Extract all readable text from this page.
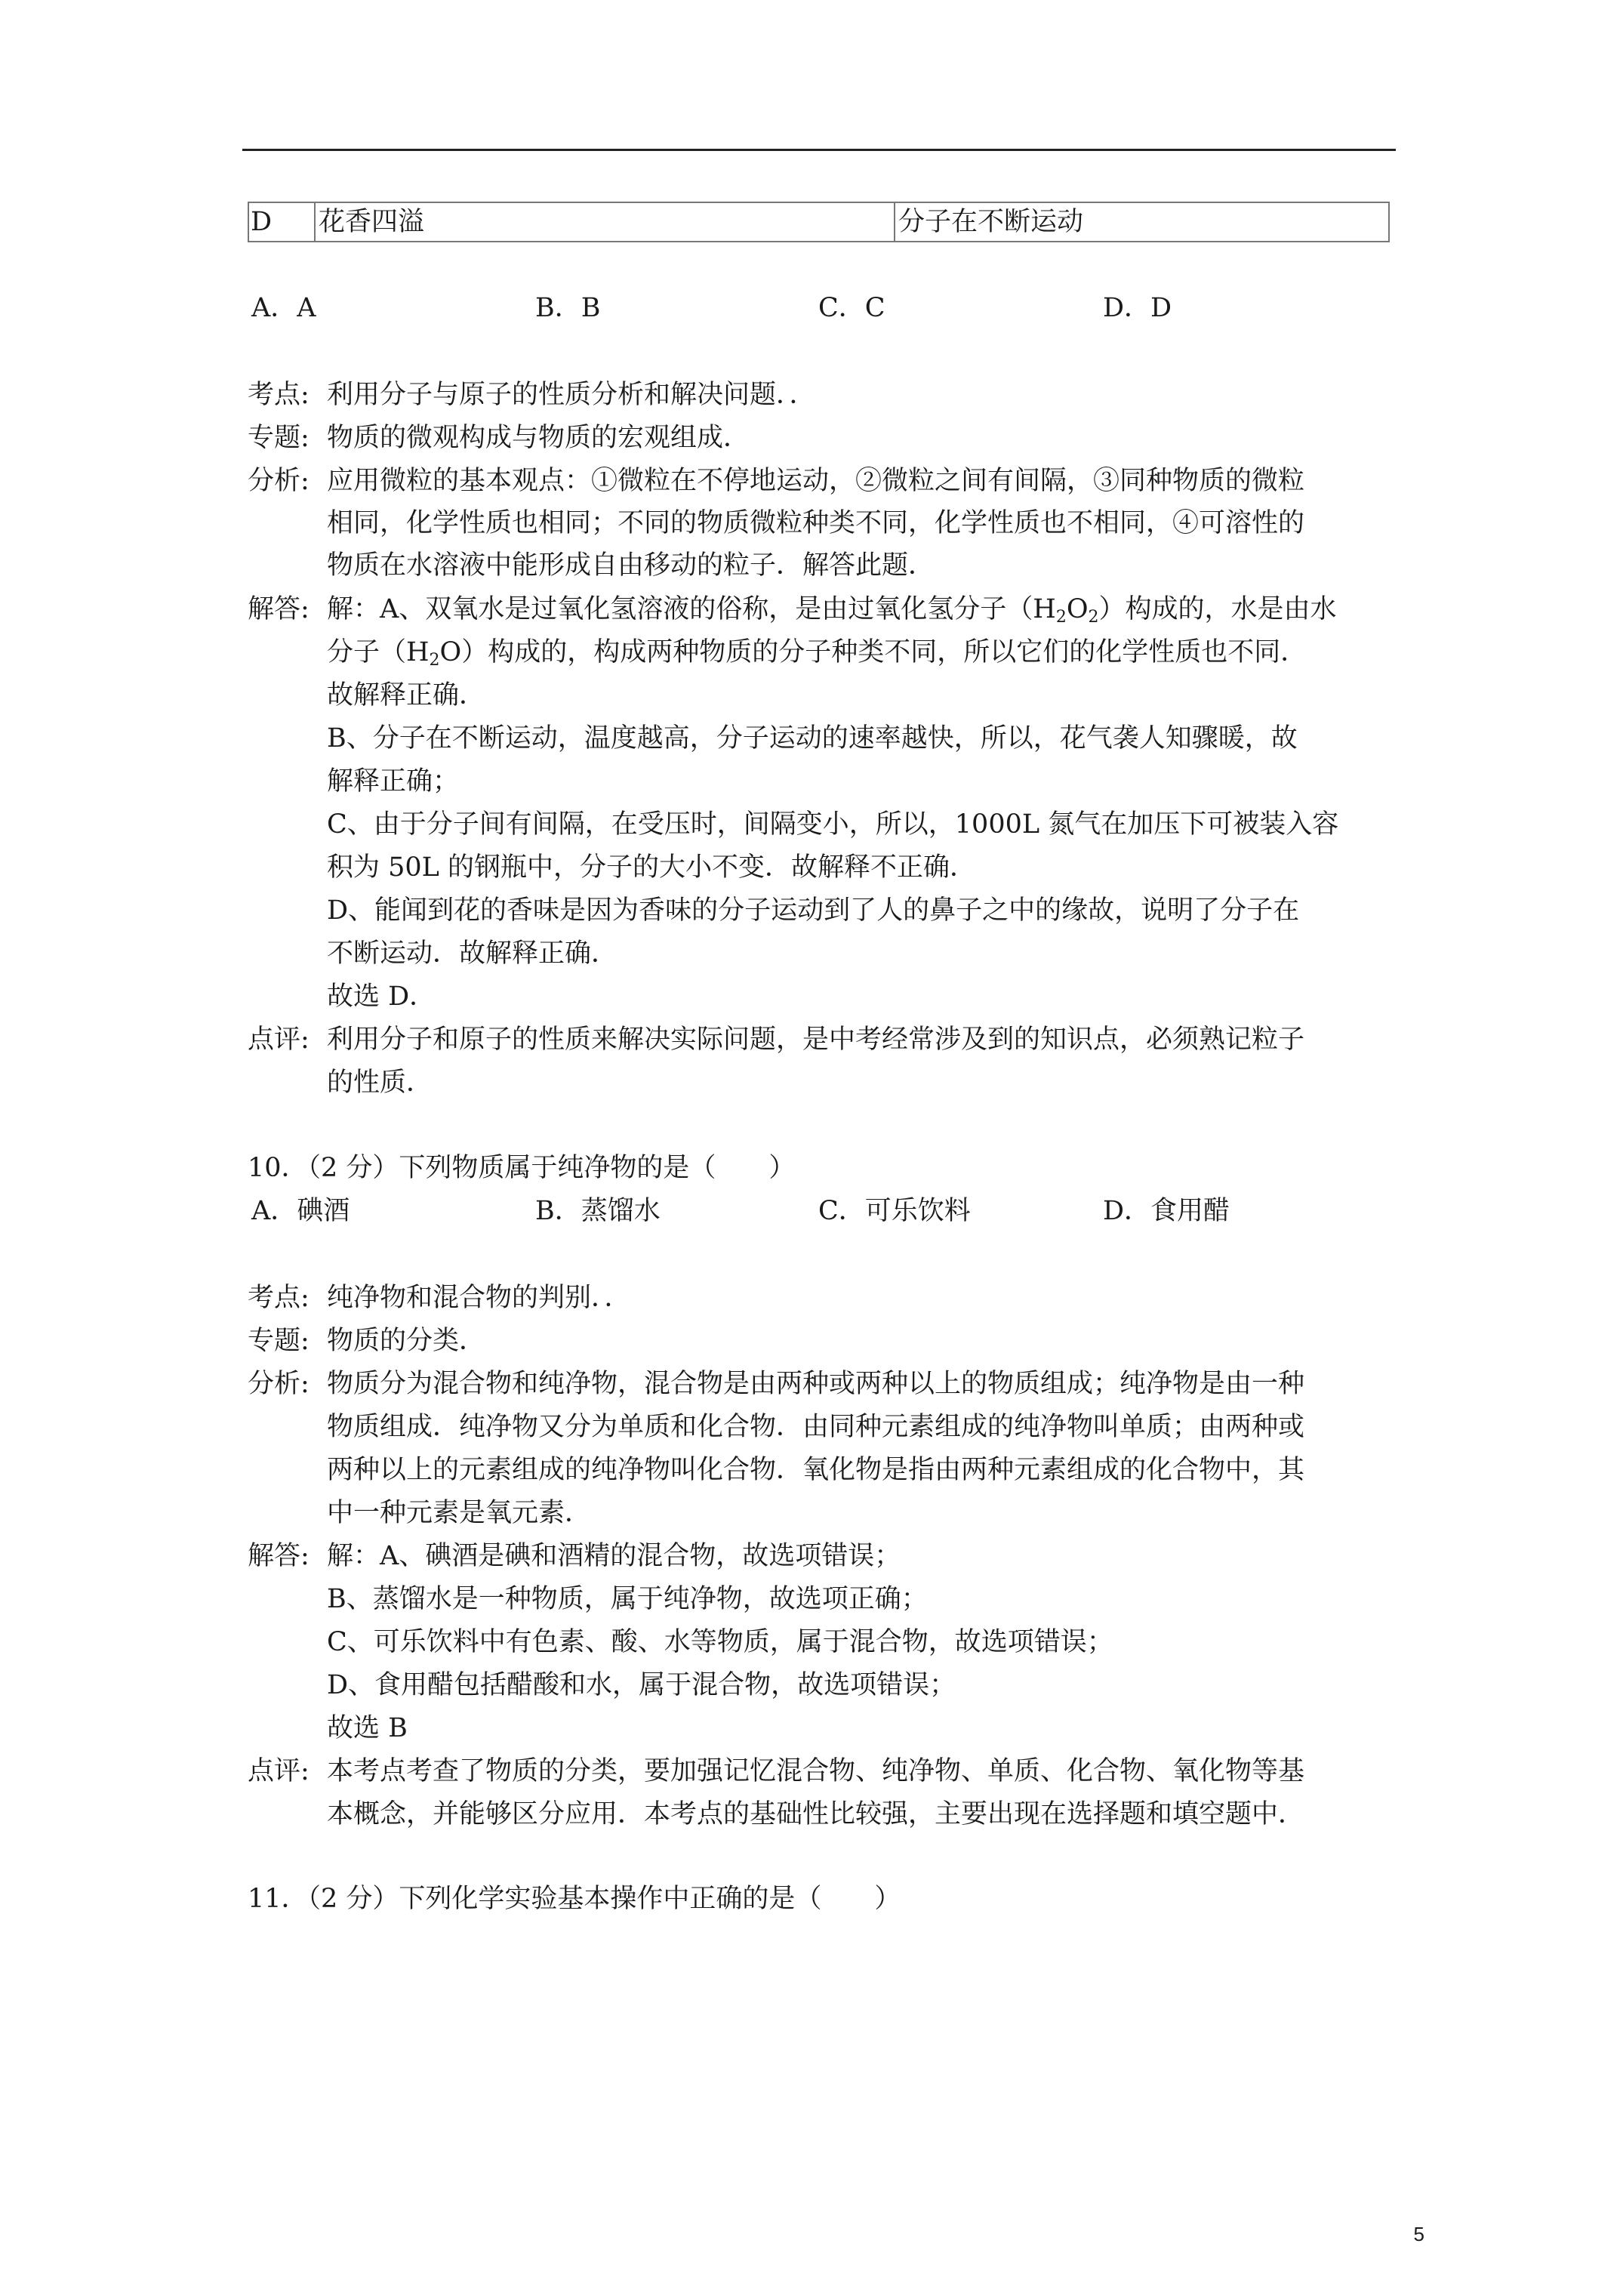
D	花香四溢	分子在不断运动
A．A	B．B	C．C	D．D
考点: 利用分子与原子的性质分析和解决问题．．
专题: 物质的微观构成与物质的宏观组成．
分析: 应用微粒的基本观点：①微粒在不停地运动，②微粒之间有间隔，③同种物质的微粒
相同，化学性质也相同；不同的物质微粒种类不同，化学性质也不相同，④可溶性的
物质在水溶液中能形成自由移动的粒子．解答此题．
解答: 解：A、双氧水是过氧化氢溶液的俗称，是由过氧化氢分子$(H_2O_2)$构成的，水是由水
分子$(H_2O)$构成的，构成两种物质的分子种类不同，所以它们的化学性质也不同．
故解释正确．
B、分子在不断运动，温度越高，分子运动的速率越快，所以，花气袭人知骤暖，故
解释正确；
C、由于分子间有间隔，在受压时，间隔变小，所以，1000L 氮气在加压下可被装入容
积为 50L 的钢瓶中，分子的大小不变．故解释不正确．
D、能闻到花的香味是因为香味的分子运动到了人的鼻子之中的缘故，说明了分子在
不断运动．故解释正确．
故选 D．
点评: 利用分子和原子的性质来解决实际问题，是中考经常涉及到的知识点，必须熟记粒子
的性质．
10．（2 分）下列物质属于纯净物的是（　　）
A．碘酒	B．蒸馏水	C．可乐饮料	D．食用醋
考点: 纯净物和混合物的判别．．
专题: 物质的分类．
分析: 物质分为混合物和纯净物，混合物是由两种或两种以上的物质组成；纯净物是由一种
物质组成．纯净物又分为单质和化合物．由同种元素组成的纯净物叫单质；由两种或
两种以上的元素组成的纯净物叫化合物．氧化物是指由两种元素组成的化合物中，其
中一种元素是氧元素．
解答: 解：A、碘酒是碘和酒精的混合物，故选项错误；
B、蒸馏水是一种物质，属于纯净物，故选项正确；
C、可乐饮料中有色素、酸、水等物质，属于混合物，故选项错误；
D、食用醋包括醋酸和水，属于混合物，故选项错误；
故选 B
点评: 本考点考查了物质的分类，要加强记忆混合物、纯净物、单质、化合物、氧化物等基
本概念，并能够区分应用．本考点的基础性比较强，主要出现在选择题和填空题中．
11．（2 分）下列化学实验基本操作中正确的是（　　）
5
